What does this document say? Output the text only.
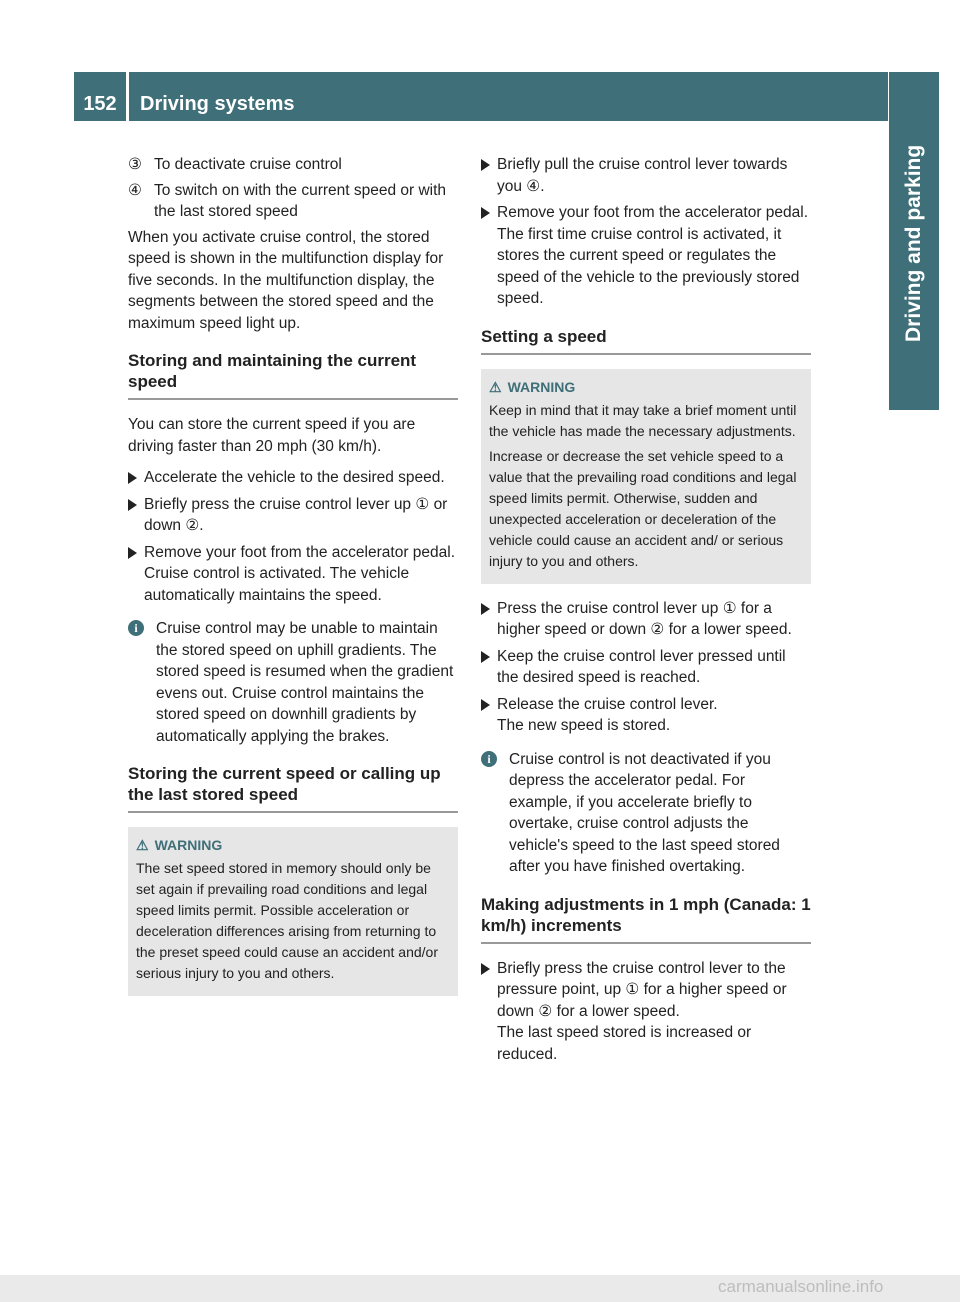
152	Driving systems
Driving and parking
③ To deactivate cruise control
④ To switch on with the current speed or with the last stored speed

When you activate cruise control, the stored speed is shown in the multifunction display for five seconds. In the multifunction display, the segments between the stored speed and the maximum speed light up.

Storing and maintaining the current speed

You can store the current speed if you are driving faster than 20 mph (30 km/h).

Accelerate the vehicle to the desired speed.
Briefly press the cruise control lever up ① or down ②.
Remove your foot from the accelerator pedal.
Cruise control is activated. The vehicle automatically maintains the speed.
i	Cruise control may be unable to maintain the stored speed on uphill gradients. The stored speed is resumed when the gradient evens out. Cruise control maintains the stored speed on downhill gradients by automatically applying the brakes.
Storing the current speed or calling up the last stored speed
⚠ WARNING

The set speed stored in memory should only be set again if prevailing road conditions and legal speed limits permit. Possible acceleration or deceleration differences arising from returning to the preset speed could cause an accident and/or serious injury to you and others.

Briefly pull the cruise control lever towards you ④.
Remove your foot from the accelerator pedal.
The first time cruise control is activated, it stores the current speed or regulates the speed of the vehicle to the previously stored speed.
Setting a speed
⚠ WARNING

Keep in mind that it may take a brief moment until the vehicle has made the necessary adjustments.

Increase or decrease the set vehicle speed to a value that the prevailing road conditions and legal speed limits permit. Otherwise, sudden and unexpected acceleration or deceleration of the vehicle could cause an accident and/ or serious injury to you and others.

Press the cruise control lever up ① for a higher speed or down ② for a lower speed.
Keep the cruise control lever pressed until the desired speed is reached.
Release the cruise control lever.
The new speed is stored.
i	Cruise control is not deactivated if you depress the accelerator pedal. For example, if you accelerate briefly to overtake, cruise control adjusts the vehicle's speed to the last speed stored after you have finished overtaking.
Making adjustments in 1 mph (Canada: 1 km/h) increments
Briefly press the cruise control lever to the pressure point, up ① for a higher speed or down ② for a lower speed.
The last speed stored is increased or reduced.
carmanualsonline.info
